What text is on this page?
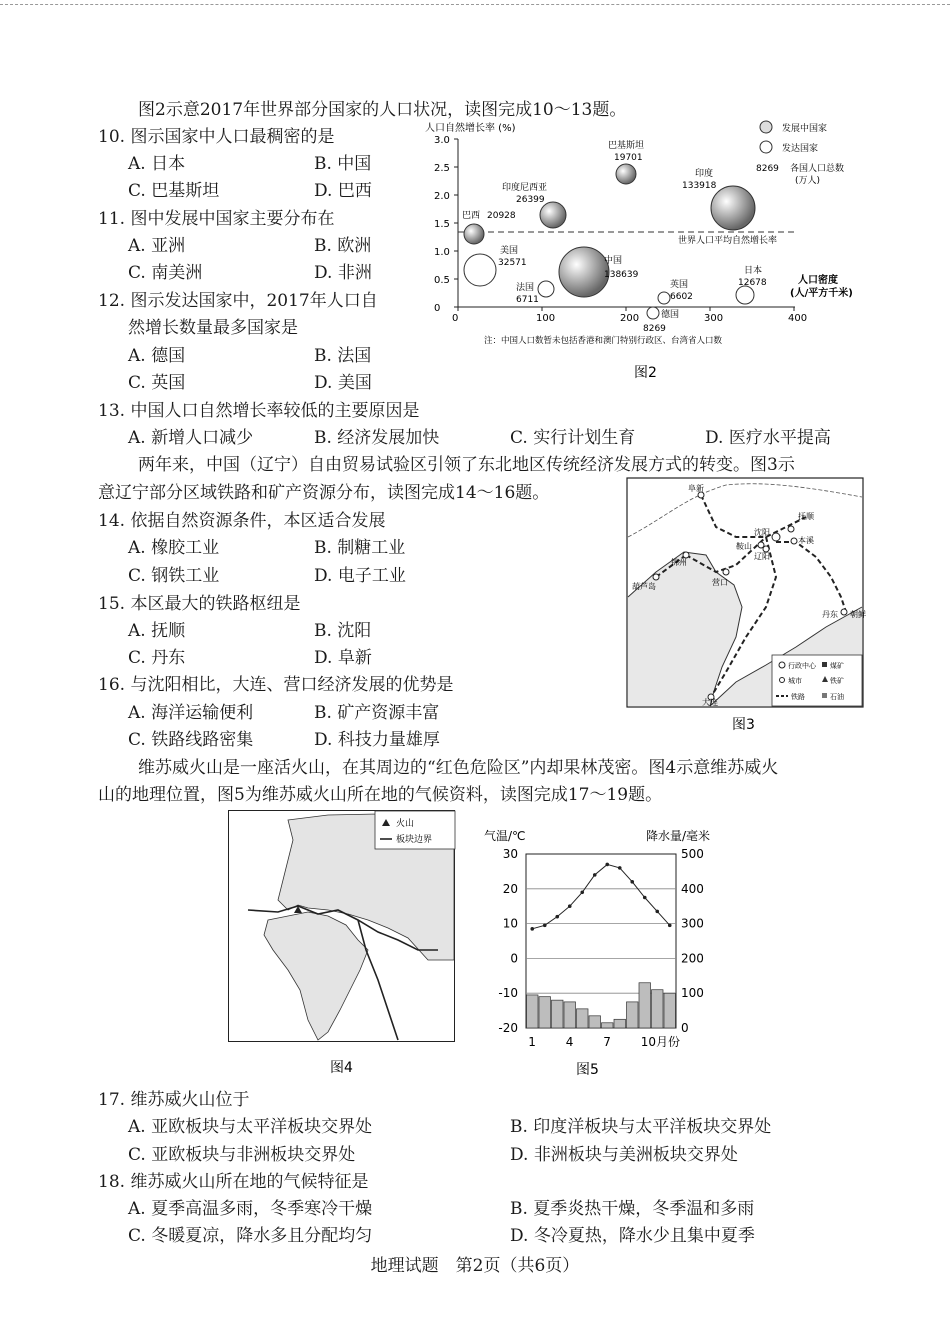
图2示意2017年世界部分国家的人口状况，读图完成10～13题。
10. 图示国家中人口最稠密的是
A. 日本	B. 中国
C. 巴基斯坦	D. 巴西
11. 图中发展中国家主要分布在
A. 亚洲	B. 欧洲
C. 南美洲	D. 非洲
12. 图示发达国家中，2017年人口自
然增长数量最多国家是
A. 德国	B. 法国
C. 英国	D. 美国
人口自然增长率 (%)
3.0
2.5
2.0
1.5
1.0
0.5
0
0	100	200	300	400
世界人口平均自然增长率
发展中国家
发达国家
8269 各国人口总数
(万人)
巴基斯坦
19701
印度
133918
印度尼西亚
26399
巴西 20928
美国
32571	中国
138639
法国
6711
英国
6602
日本
12678
德国
8269
人口密度
(人/平方千米)
注：中国人口数暂未包括香港和澳门特别行政区、台湾省人口数
图2
13. 中国人口自然增长率较低的主要原因是
A. 新增人口减少	B. 经济发展加快	C. 实行计划生育	D. 医疗水平提高
两年来，中国（辽宁）自由贸易试验区引领了东北地区传统经济发展方式的转变。图3示
意辽宁部分区域铁路和矿产资源分布，读图完成14～16题。
14. 依据自然资源条件，本区适合发展
A. 橡胶工业	B. 制糖工业
C. 钢铁工业	D. 电子工业
15. 本区最大的铁路枢纽是
A. 抚顺	B. 沈阳
C. 丹东	D. 阜新
16. 与沈阳相比，大连、营口经济发展的优势是
A. 海洋运输便利	B. 矿产资源丰富
C. 铁路线路密集	D. 科技力量雄厚
阜新
抚顺
沈阳
辽阳
本溪
鞍山
锦州
葫芦岛	营口
丹东
大连
朝鲜
行政中心 煤矿
城市	铁矿
铁路	石油
图3
维苏威火山是一座活火山，在其周边的“红色危险区”内却果林茂密。图4示意维苏威火
山的地理位置，图5为维苏威火山所在地的气候资料，读图完成17～19题。
火山
板块边界
图4
气温/℃	降水量/毫米
30
20
10
0
-10
-20
500
400
300
200
100
0
1 4 7 10月份
图5
17. 维苏威火山位于
A. 亚欧板块与太平洋板块交界处	B. 印度洋板块与太平洋板块交界处
C. 亚欧板块与非洲板块交界处	D. 非洲板块与美洲板块交界处
18. 维苏威火山所在地的气候特征是
A. 夏季高温多雨，冬季寒冷干燥	B. 夏季炎热干燥，冬季温和多雨
C. 冬暖夏凉，降水多且分配均匀	D. 冬冷夏热，降水少且集中夏季
地理试题　第2页（共6页）
